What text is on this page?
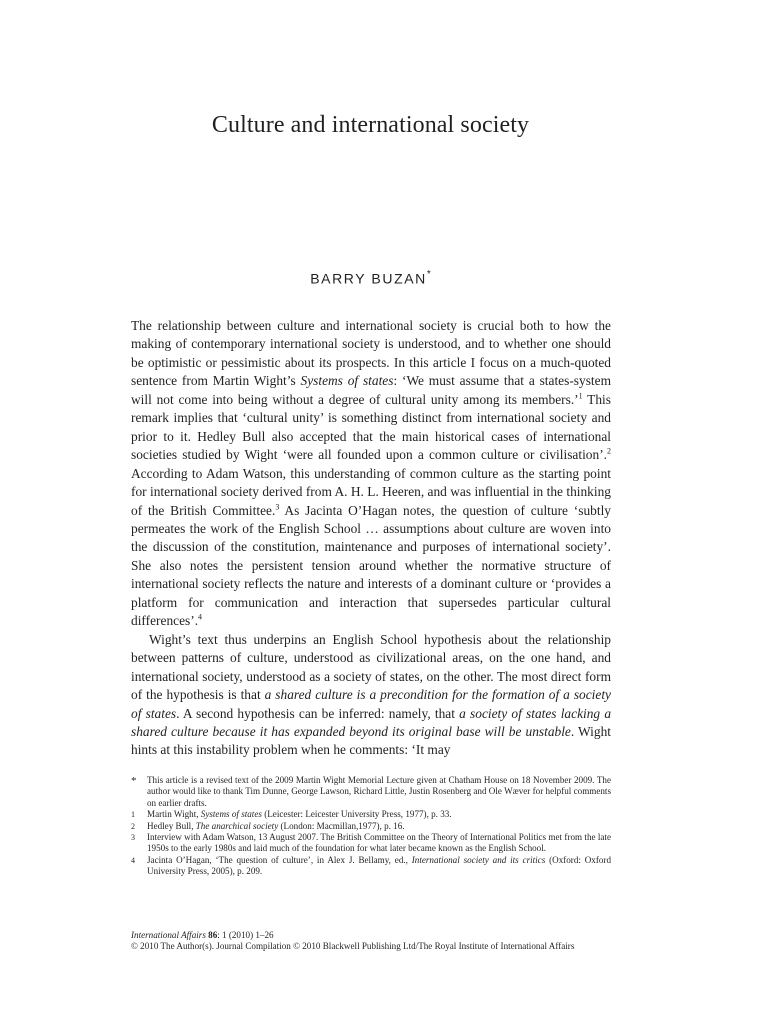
Culture and international society
BARRY BUZAN*

The relationship between culture and international society is crucial both to how the making of contemporary international society is understood, and to whether one should be optimistic or pessimistic about its prospects. In this article I focus on a much-quoted sentence from Martin Wight’s Systems of states: ‘We must assume that a states-system will not come into being without a degree of cultural unity among its members.’$^1$ This remark implies that ‘cultural unity’ is something distinct from international society and prior to it. Hedley Bull also accepted that the main historical cases of international societies studied by Wight ‘were all founded upon a common culture or civilisation’.$^2$ According to Adam Watson, this understanding of common culture as the starting point for international society derived from A. H. L. Heeren, and was influential in the thinking of the British Committee.$^3$ As Jacinta O’Hagan notes, the question of culture ‘subtly permeates the work of the English School … assumptions about culture are woven into the discussion of the constitution, maintenance and purposes of international society’. She also notes the persistent tension around whether the normative structure of international society reflects the nature and interests of a dominant culture or ‘provides a platform for communication and interaction that supersedes particular cultural differences’.$^4$

Wight’s text thus underpins an English School hypothesis about the relationship between patterns of culture, understood as civilizational areas, on the one hand, and international society, understood as a society of states, on the other. The most direct form of the hypothesis is that a shared culture is a precondition for the formation of a society of states. A second hypothesis can be inferred: namely, that a society of states lacking a shared culture because it has expanded beyond its original base will be unstable. Wight hints at this instability problem when he comments: ‘It may

* This article is a revised text of the 2009 Martin Wight Memorial Lecture given at Chatham House on 18 November 2009. The author would like to thank Tim Dunne, George Lawson, Richard Little, Justin Rosenberg and Ole Wæver for helpful comments on earlier drafts.
1 Martin Wight, Systems of states (Leicester: Leicester University Press, 1977), p. 33.
2 Hedley Bull, The anarchical society (London: Macmillan,1977), p. 16.
3 Interview with Adam Watson, 13 August 2007. The British Committee on the Theory of International Politics met from the late 1950s to the early 1980s and laid much of the foundation for what later became known as the English School.
4 Jacinta O’Hagan, ‘The question of culture’, in Alex J. Bellamy, ed., International society and its critics (Oxford: Oxford University Press, 2005), p. 209.
International Affairs 86: 1 (2010) 1–26
© 2010 The Author(s). Journal Compilation © 2010 Blackwell Publishing Ltd/The Royal Institute of International Affairs
